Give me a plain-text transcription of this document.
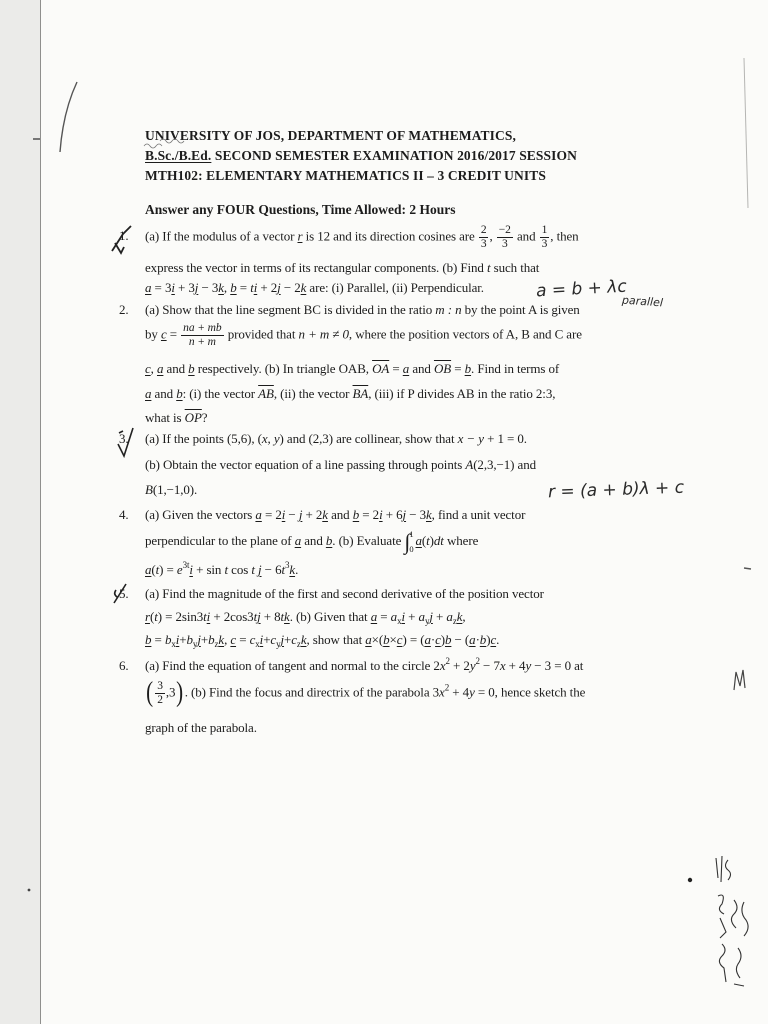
UNIVERSITY OF JOS, DEPARTMENT OF MATHEMATICS,
B.Sc./B.Ed. SECOND SEMESTER EXAMINATION 2016/2017 SESSION
MTH102: ELEMENTARY MATHEMATICS II – 3 CREDIT UNITS
Answer any FOUR Questions, Time Allowed: 2 Hours
1. (a) If the modulus of a vector r is 12 and its direction cosines are $\frac{2}{3}$ , $\frac{-2}{3}$ and $\frac{1}{3}$ , then
express the vector in terms of its rectangular components. (b) Find t such that
a = 3i + 3j − 3k, b = ti + 2j − 2k are: (i) Parallel, (ii) Perpendicular.
2. (a) Show that the line segment BC is divided in the ratio m : n by the point A is given
by $c = \frac{na + mb}{n + m}$ provided that n + m ≠ 0, where the position vectors of A, B and C are
c, a and b respectively. (b) In triangle OAB, $\overline{OA} = a$ and $\overline{OB} = b$. Find in terms of
a and b: (i) the vector $\overline{AB}$, (ii) the vector $\overline{BA}$, (iii) if P divides AB in the ratio 2:3,
what is $\overline{OP}$?
3. (a) If the points (5,6), (x, y) and (2,3) are collinear, show that x − y + 1 = 0.
(b) Obtain the vector equation of a line passing through points A(2,3,−1) and
B(1,−1,0).
4. (a) Given the vectors a = 2i − j + 2k and b = 2i + 6j − 3k, find a unit vector
perpendicular to the plane of a and b. (b) Evaluate ∫ 1
0
a(t)dt where
$a(t) = e^{3t}i + \sin t$ cos t $j - 6t^3k$.
5. (a) Find the magnitude of the first and second derivative of the position vector
r(t) = 2sin3ti + 2cos3tj + 8tk. (b) Given that $a = a_xi + a_yj + a_zk$,
$b = b_xi+b_yj+b_zk$, $c = c_xi+c_yj+c_zk$, show that a×(b×c) = (a·c)b − (a·b)c.
6. (a) Find the equation of tangent and normal to the circle $2x^2 + 2y^2 - 7x + 4y - 3 = 0$ at
( $\frac{3}{2} ,3$). (b) Find the focus and directrix of the parabola $3x^2 + 4y = 0$, hence sketch the
graph of the parabola.
a = b + λc
parallel
r = (a + b)λ + c
